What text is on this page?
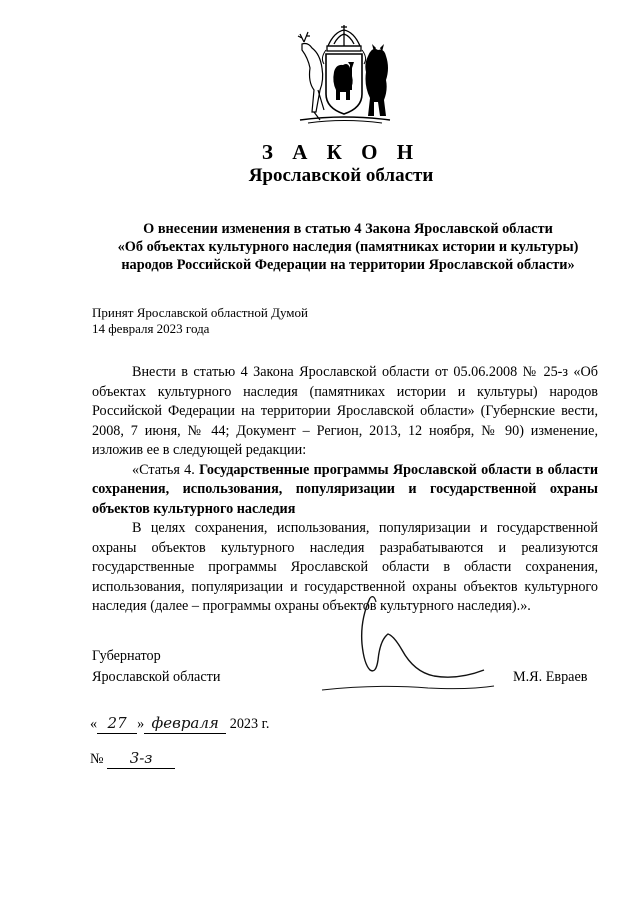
З А К О Н
Ярославской области
О внесении изменения в статью 4 Закона Ярославской области
«Об объектах культурного наследия (памятниках истории и культуры)
народов Российской Федерации на территории Ярославской области»
Принят Ярославской областной Думой
14 февраля 2023 года

Внести в статью 4 Закона Ярославской области от 05.06.2008 № 25-з «Об объектах культурного наследия (памятниках истории и культуры) народов Российской Федерации на территории Ярославской области» (Губернские вести, 2008, 7 июня, № 44; Документ – Регион, 2013, 12 ноября, № 90) изменение, изложив ее в следующей редакции:

«Статья 4. Государственные программы Ярославской области в области сохранения, использования, популяризации и государственной охраны объектов культурного наследия

В целях сохранения, использования, популяризации и государственной охраны объектов культурного наследия разрабатываются и реализуются государственные программы Ярославской области в области сохранения, использования, популяризации и государственной охраны объектов культурного наследия (далее – программы охраны объектов культурного наследия).».

Губернатор
Ярославской области	М.Я. Евраев
« 27 » февраля 2023 г.
№ 3-з
